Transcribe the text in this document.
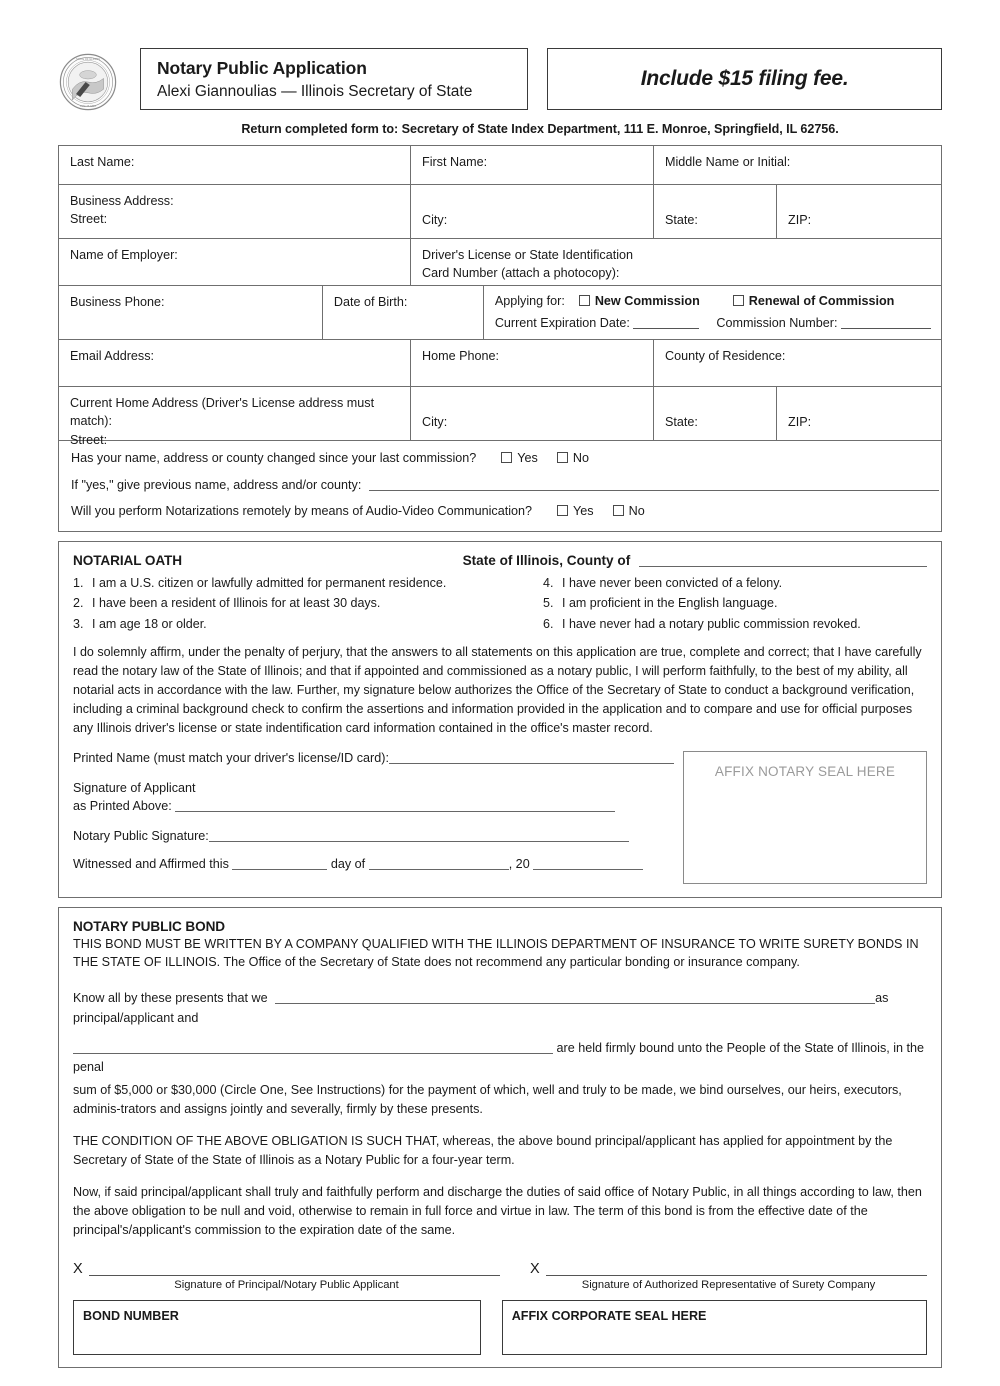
STATE OF ILLINOIS
AUG 26 1818
Notary Public Application
Alexi Giannoulias — Illinois Secretary of State
Include $15 filing fee.
Return completed form to: Secretary of State Index Department, 111 E. Monroe, Springfield, IL 62756.
Last Name:	First Name:	Middle Name or Initial:
Business Address:
Street:	City:	State:	ZIP:
Name of Employer:	Driver's License or State Identification
Card Number (attach a photocopy):
Business Phone:	Date of Birth:	Applying for: New Commission	Renewal of Commission
Current Expiration Date:	Commission Number:
Email Address:	Home Phone:	County of Residence:
Current Home Address (Driver's License address must match):
Street:
City:	State:	ZIP:
Has your name, address or county changed since your last commission?	Yes	No
If "yes," give previous name, address and/or county:
Will you perform Notarizations remotely by means of Audio-Video Communication?	Yes	No
NOTARIAL OATH	State of Illinois, County of
1. I am a U.S. citizen or lawfully admitted for permanent residence.
2. I have been a resident of Illinois for at least 30 days.
3. I am age 18 or older.
4. I have never been convicted of a felony.
5. I am proficient in the English language.
6. I have never had a notary public commission revoked.
I do solemnly affirm, under the penalty of perjury, that the answers to all statements on this application are true, complete and correct; that I have carefully read the notary law of the State of Illinois; and that if appointed and commissioned as a notary public, I will perform faithfully, to the best of my ability, all notarial acts in accordance with the law. Further, my signature below authorizes the Office of the Secretary of State to conduct a background verification, including a criminal background check to confirm the assertions and information provided in the application and to compare and use for official purposes any Illinois driver's license or state indentification card information contained in the office's master record.
Printed Name (must match your driver's license/ID card):
Signature of Applicant
as Printed Above:
Notary Public Signature:
Witnessed and Affirmed this	day of	, 20
AFFIX NOTARY SEAL HERE
NOTARY PUBLIC BOND
THIS BOND MUST BE WRITTEN BY A COMPANY QUALIFIED WITH THE ILLINOIS DEPARTMENT OF INSURANCE TO WRITE SURETY BONDS IN THE STATE OF ILLINOIS. The Office of the Secretary of State does not recommend any particular bonding or insurance company.
Know all by these presents that we	as principal/applicant and
are held firmly bound unto the People of the State of Illinois, in the penal
sum of $5,000 or $30,000 (Circle One, See Instructions) for the payment of which, well and truly to be made, we bind ourselves, our heirs, executors, adminis-trators and assigns jointly and severally, firmly by these presents.
THE CONDITION OF THE ABOVE OBLIGATION IS SUCH THAT, whereas, the above bound principal/applicant has applied for appointment by the Secretary of State of the State of Illinois as a Notary Public for a four-year term.
Now, if said principal/applicant shall truly and faithfully perform and discharge the duties of said office of Notary Public, in all things according to law, then the above obligation to be null and void, otherwise to remain in full force and virtue in law. The term of this bond is from the effective date of the principal's/applicant's commission to the expiration date of the same.
X
Signature of Principal/Notary Public Applicant
X
Signature of Authorized Representative of Surety Company
BOND NUMBER	AFFIX CORPORATE SEAL HERE
